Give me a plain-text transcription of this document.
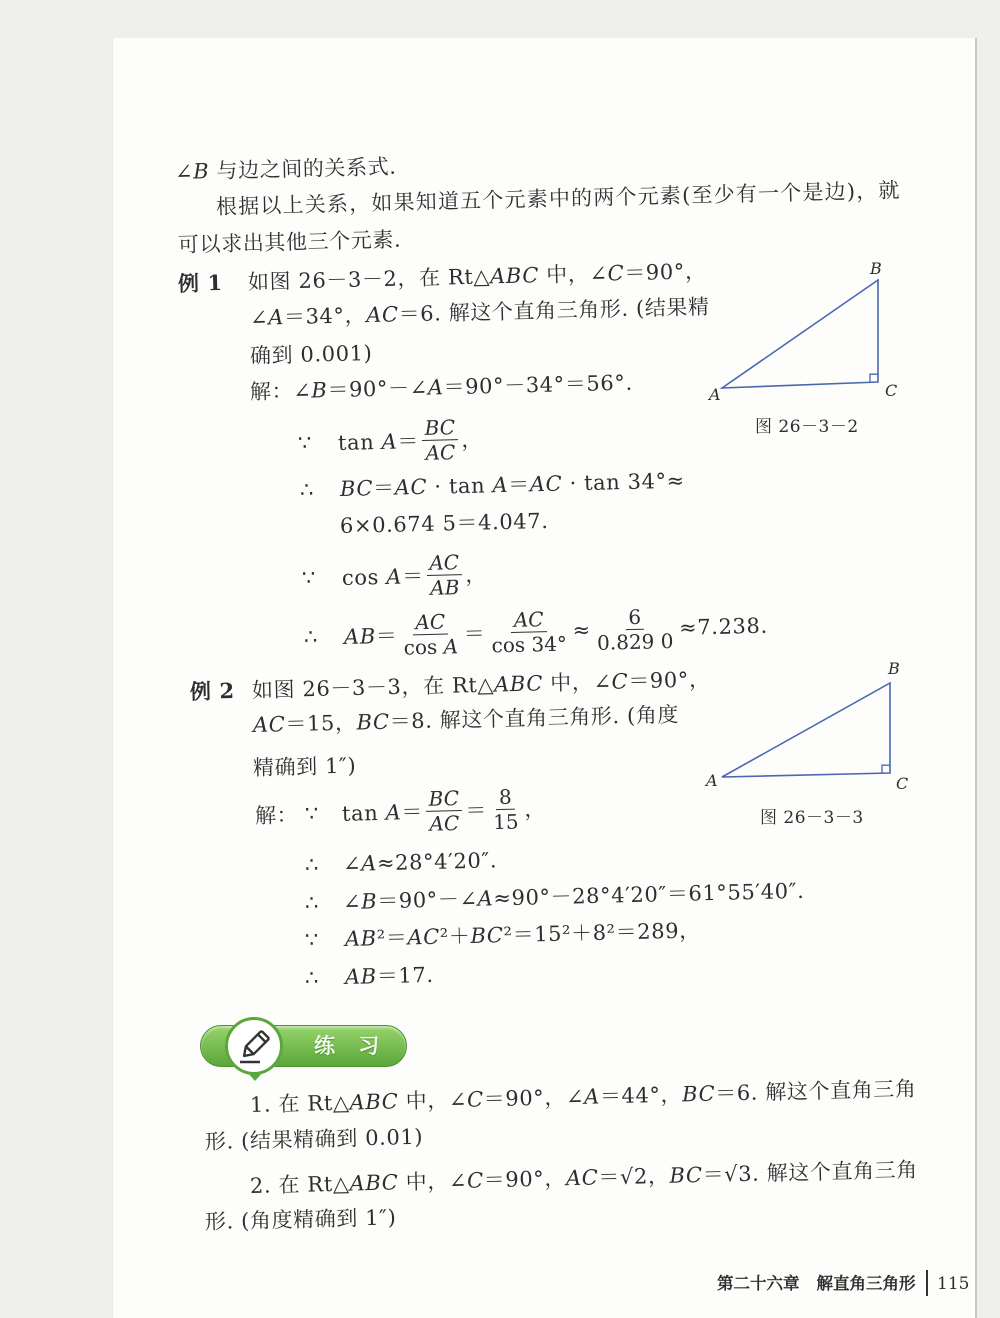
∠B 与边之间的关系式.
根据以上关系，如果知道五个元素中的两个元素(至少有一个是边)，就
可以求出其他三个元素.
例 1 如图 26－3－2，在 Rt△ABC 中，∠C＝90°，
∠A＝34°，AC＝6. 解这个直角三角形. (结果精
确到 0.001)
解：∠B＝90°－∠A＝90°－34°＝56°.
∵	$\tan A= \frac{BC}{AC}$ ，
∴ BC＝AC · tan A＝AC · tan 34°≈
6×0.674 5＝4.047.
∵	$\cos A= \frac{AC}{AB}$ ，
∴	$AB= \frac{AC}{\text{cos A}} = \frac{AC}{\cos 34^\circ} \approx \frac{6}{0.829 0} \approx 7.238$.
B
A	C
图 26－3－2
例 2 如图 26－3－3，在 Rt△ABC 中，∠C＝90°，
AC＝15，BC＝8. 解这个直角三角形. (角度
精确到 1″)
解： ∵	$\tan A= \frac{BC}{AC} = \frac{8}{15}$ ，
∴ ∠A≈28°4′20″.
∴ ∠B＝90°－∠A≈90°－28°4′20″＝61°55′40″.
∵ AB²＝AC²＋BC²＝15²＋8²＝289，
∴ AB＝17.
B
A	C
图 26－3－3
练 习
1. 在 Rt△ABC 中，∠C＝90°，∠A＝44°，BC＝6. 解这个直角三角
形. (结果精确到 0.01)
2. 在 Rt△ABC 中，∠C＝90°，AC＝√2，BC＝√3. 解这个直角三角
形. (角度精确到 1″)
第二十六章 解直角三角形 115
